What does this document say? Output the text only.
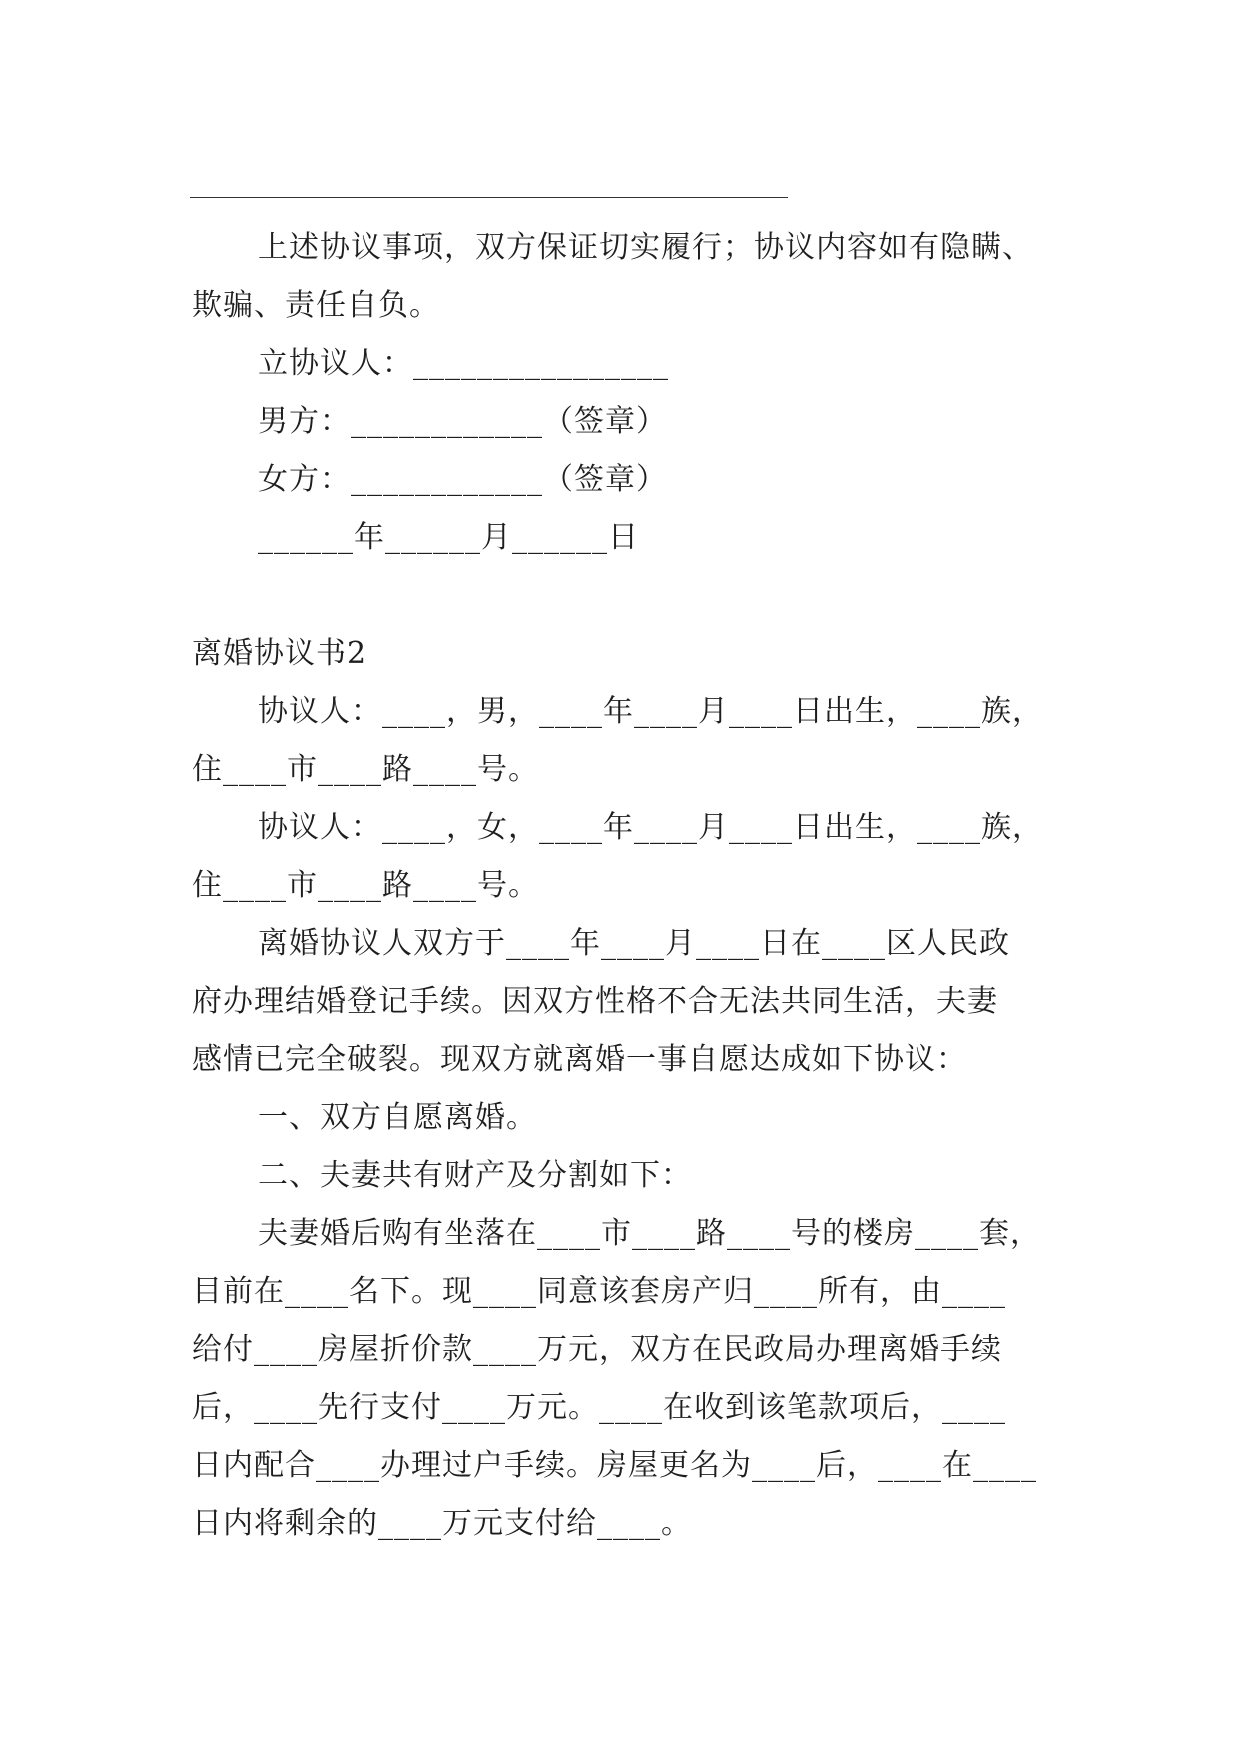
上述协议事项，双方保证切实履行；协议内容如有隐瞒、
欺骗、责任自负。
立协议人：________________
男方：____________（签章）
女方：____________（签章）
______年______月______日
离婚协议书2
协议人：____，男，____年____月____日出生，____族，
住____市____路____号。
协议人：____，女，____年____月____日出生，____族，
住____市____路____号。
离婚协议人双方于____年____月____日在____区人民政
府办理结婚登记手续。因双方性格不合无法共同生活，夫妻
感情已完全破裂。现双方就离婚一事自愿达成如下协议：
一、双方自愿离婚。
二、夫妻共有财产及分割如下：
夫妻婚后购有坐落在____市____路____号的楼房____套，
目前在____名下。现____同意该套房产归____所有，由____
给付____房屋折价款____万元，双方在民政局办理离婚手续
后，____先行支付____万元。____在收到该笔款项后，____
日内配合____办理过户手续。房屋更名为____后，____在____
日内将剩余的____万元支付给____。
